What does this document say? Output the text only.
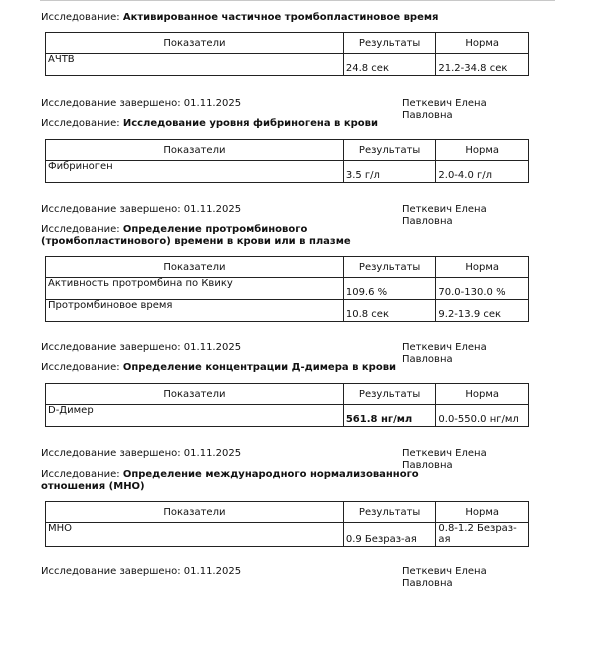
Исследование: Активированное частичное тромбопластиновое время
Показатели	Результаты	Норма
АЧТВ	24.8 сек	21.2-34.8 сек
Исследование завершено: 01.11.2025	Петкевич Елена
Павловна
Исследование: Исследование уровня фибриногена в крови
Показатели	Результаты	Норма
Фибриноген	3.5 г/л	2.0-4.0 г/л
Исследование завершено: 01.11.2025	Петкевич Елена
Павловна
Исследование: Определение протромбинового
(тромбопластинового) времени в крови или в плазме
Показатели	Результаты	Норма
Активность протромбина по Квику	109.6 %	70.0-130.0 %
Протромбиновое время	10.8 сек	9.2-13.9 сек
Исследование завершено: 01.11.2025	Петкевич Елена
Павловна
Исследование: Определение концентрации Д-димера в крови
Показатели	Результаты	Норма
D-Димер	561.8 нг/мл	0.0-550.0 нг/мл
Исследование завершено: 01.11.2025	Петкевич Елена
Павловна
Исследование: Определение международного нормализованного
отношения (МНО)
Показатели	Результаты	Норма
МНО	0.9 Безраз-ая	0.8-1.2 Безраз-ая
Исследование завершено: 01.11.2025	Петкевич Елена
Павловна
